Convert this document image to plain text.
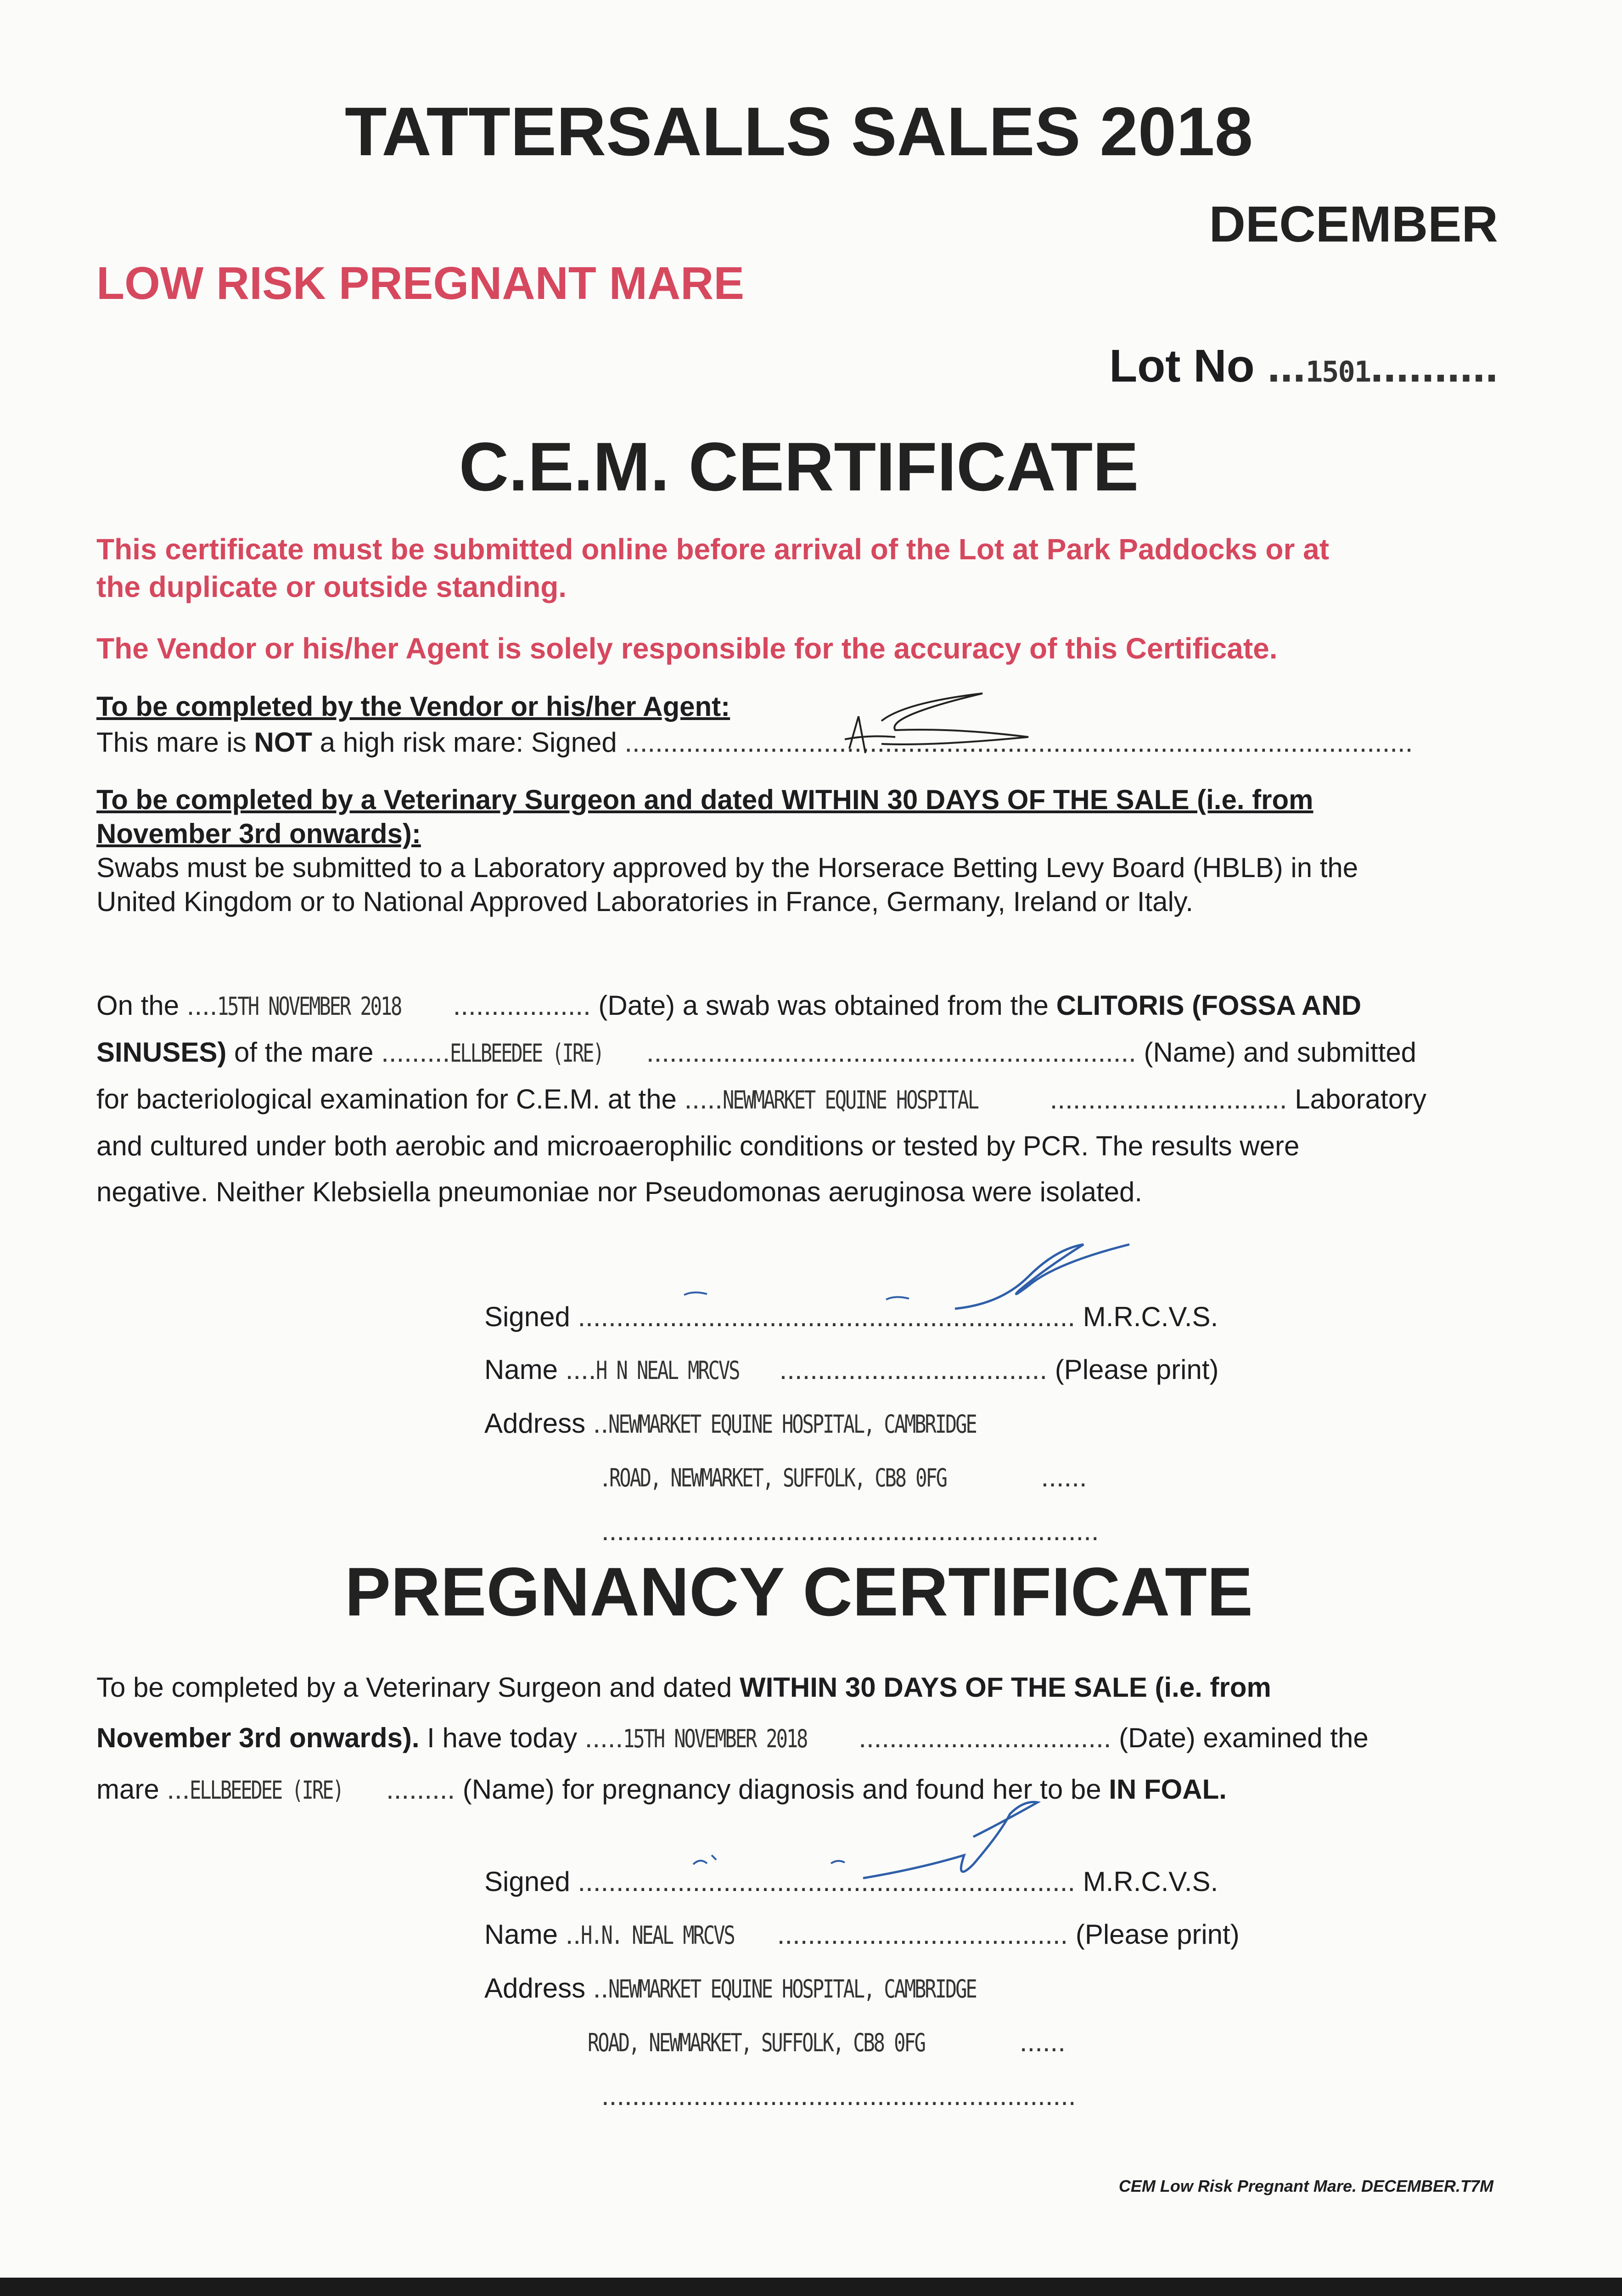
TATTERSALLS SALES 2018
DECEMBER
LOW RISK PREGNANT MARE
Lot No ...1501..........
C.E.M. CERTIFICATE
This certificate must be submitted online before arrival of the Lot at Park Paddocks or at
the duplicate or outside standing.
The Vendor or his/her Agent is solely responsible for the accuracy of this Certificate.
To be completed by the Vendor or his/her Agent:
This mare is NOT a high risk mare: Signed .......................................................................................................
To be completed by a Veterinary Surgeon and dated WITHIN 30 DAYS OF THE SALE (i.e. from
November 3rd onwards):
Swabs must be submitted to a Laboratory approved by the Horserace Betting Levy Board (HBLB) in the
United Kingdom or to National Approved Laboratories in France, Germany, Ireland or Italy.
On the ....15TH NOVEMBER 2018 .................. (Date) a swab was obtained from the CLITORIS (FOSSA AND
SINUSES) of the mare .........ELLBEEDEE (IRE) ................................................................ (Name) and submitted
for bacteriological examination for C.E.M. at the .....NEWMARKET EQUINE HOSPITAL	............................... Laboratory
and cultured under both aerobic and microaerophilic conditions or tested by PCR. The results were
negative. Neither Klebsiella pneumoniae nor Pseudomonas aeruginosa were isolated.
Signed ................................................................. M.R.C.V.S.
Name ....H N NEAL MRCVS ................................... (Please print)
Address ..NEWMARKET EQUINE HOSPITAL, CAMBRIDGE
.ROAD, NEWMARKET, SUFFOLK, CB8 0FG	......
.................................................................
PREGNANCY CERTIFICATE
To be completed by a Veterinary Surgeon and dated WITHIN 30 DAYS OF THE SALE (i.e. from
November 3rd onwards). I have today .....15TH NOVEMBER 2018 ................................. (Date) examined the
mare ...ELLBEEDEE (IRE) ......... (Name) for pregnancy diagnosis and found her to be IN FOAL.
Signed ................................................................. M.R.C.V.S.
Name ..H.N. NEAL MRCVS ...................................... (Please print)
Address ..NEWMARKET EQUINE HOSPITAL, CAMBRIDGE
ROAD, NEWMARKET, SUFFOLK, CB8 0FG	......
..............................................................
CEM Low Risk Pregnant Mare. DECEMBER.T7M
